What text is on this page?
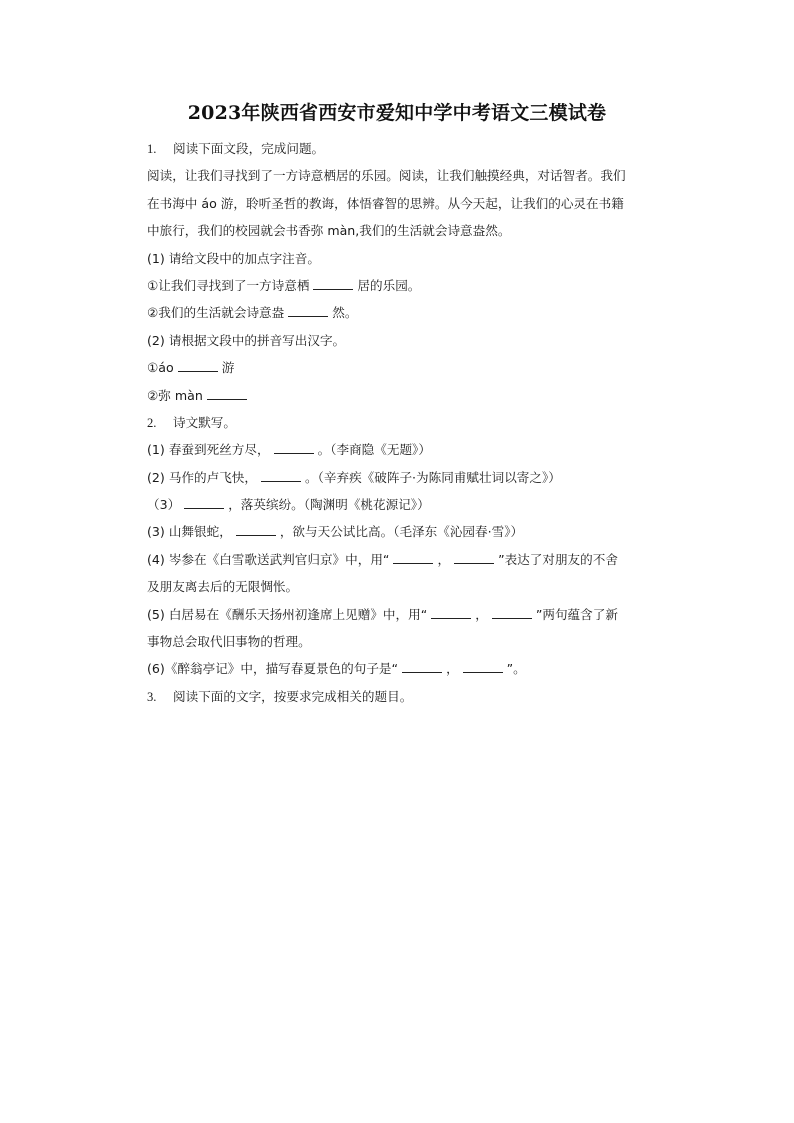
2023年陕西省西安市爱知中学中考语文三模试卷
1. 阅读下面文段，完成问题。
阅读，让我们寻找到了一方诗意栖居的乐园。阅读，让我们触摸经典，对话智者。我们
在书海中 áo 游，聆听圣哲的教诲，体悟睿智的思辨。从今天起，让我们的心灵在书籍
中旅行，我们的校园就会书香弥 màn,我们的生活就会诗意盎然。
(1) 请给文段中的加点字注音。
①让我们寻找到了一方诗意栖	居的乐园。
②我们的生活就会诗意盎	然。
(2) 请根据文段中的拼音写出汉字。
①áo	游
②弥 màn
2. 诗文默写。
(1) 春蚕到死丝方尽，	。（李商隐《无题》）
(2) 马作的卢飞快，	。（辛弃疾《破阵子·为陈同甫赋壮词以寄之》）
（3）	，落英缤纷。（陶渊明《桃花源记》）
(3) 山舞银蛇，	，欲与天公试比高。（毛泽东《沁园春·雪》）
(4) 岑参在《白雪歌送武判官归京》中，用“	，	”表达了对朋友的不舍
及朋友离去后的无限惆怅。
(5) 白居易在《酬乐天扬州初逢席上见赠》中，用“	，	”两句蕴含了新
事物总会取代旧事物的哲理。
(6)《醉翁亭记》中，描写春夏景色的句子是“	，	”。
3. 阅读下面的文字，按要求完成相关的题目。
